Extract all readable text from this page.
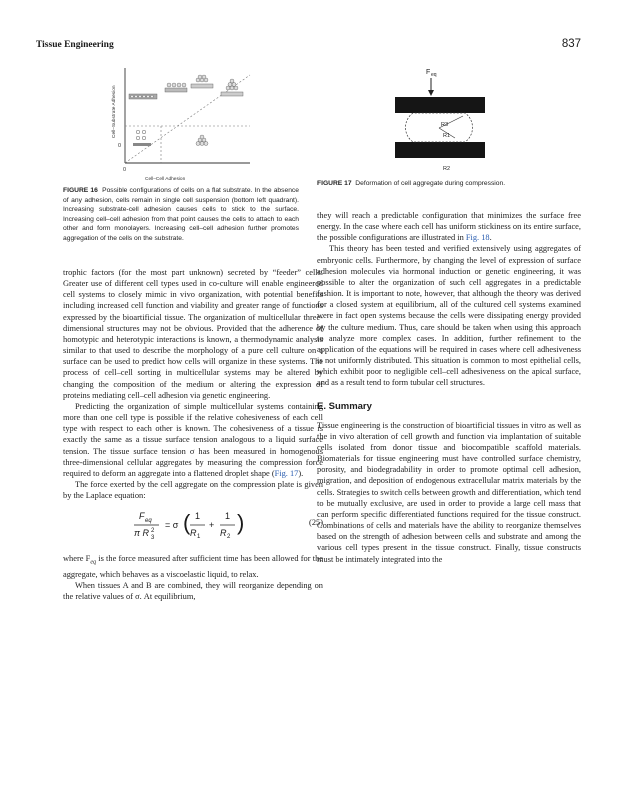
Tissue Engineering	837
Cell–Substrate Adhesion
0
0
Cell–Cell Adhesion
FIGURE 16 Possible configurations of cells on a flat substrate. In the absence of any adhesion, cells remain in single cell suspension (bottom left quadrant). Increasing substrate-cell adhesion causes cells to stick to the surface. Increasing cell–cell adhesion from that point causes the cells to attach to each other and form monolayers. Increasing cell–cell adhesion further promotes aggregation of the cells on the substrate.
F eq
R3
R1
R2
FIGURE 17 Deformation of cell aggregate during compression.

trophic factors (for the most part unknown) secreted by “feeder” cells. Greater use of different cell types used in co-culture will enable engineered cell systems to closely mimic in vivo organization, with potential benefits including increased cell function and viability and greater range of functions expressed by the bioartificial tissue. The organization of multicellular three-dimensional structures may not be obvious. Provided that the adherence of homotypic and heterotypic interactions is known, a thermodynamic analysis similar to that used to describe the morphology of a pure cell culture on a surface can be used to predict how cells will organize in these systems. The process of cell–cell sorting in multicellular systems may be altered by changing the composition of the medium or altering the expression of proteins mediating cell–cell adhesion via genetic engineering.

Predicting the organization of simple multicellular systems containing more than one cell type is possible if the relative cohesiveness of each cell type with respect to each other is known. The cohesiveness of a tissue is exactly the same as a tissue surface tension analogous to a liquid surface tension. The tissue surface tension σ has been measured in homogenous three-dimensional cellular aggregates by measuring the compression force required to deform an aggregate into a flattened droplet shape (Fig. 17).

The force exerted by the cell aggregate on the compression plate is given by the Laplace equation:

F eq
π R 2
3
= σ ( 1
R 1
+
1
R 2
)	(25)

where $F_{eq}$ is the force measured after sufficient time has been allowed for the aggregate, which behaves as a viscoelastic liquid, to relax.

When tissues A and B are combined, they will reorganize depending on the relative values of σ. At equilibrium,

they will reach a predictable configuration that minimizes the surface free energy. In the case where each cell has uniform stickiness on its entire surface, the possible configurations are illustrated in Fig. 18.

This theory has been tested and verified extensively using aggregates of embryonic cells. Furthermore, by changing the level of expression of surface adhesion molecules via hormonal induction or genetic engineering, it was possible to alter the organization of such cell aggregates in a predictable fashion. It is important to note, however, that although the theory was derived for a closed system at equilibrium, all of the cultured cell systems examined were in fact open systems because the cells were dissipating energy provided by the culture medium. Thus, care should be taken when using this approach to analyze more complex cases. In addition, further refinement to the application of the equations will be required in cases where cell adhesiveness is not uniformly distributed. This situation is common to most epithelial cells, which exhibit poor to negligible cell–cell adhesiveness on the apical surface, and as a result tend to form tubular cell structures.

E. Summary

Tissue engineering is the construction of bioartificial tissues in vitro as well as the in vivo alteration of cell growth and function via implantation of suitable cells isolated from donor tissue and biocompatible scaffold materials. Biomaterials for tissue engineering must have controlled surface chemistry, porosity, and biodegradability in order to promote optimal cell adhesion, migration, and deposition of endogenous extracellular matrix materials by the cells. Strategies to switch cells between growth and differentiation, which tend to be mutually exclusive, are used in order to provide a large cell mass that can perform specific differentiated functions required for the tissue construct. Combinations of cells and materials have the ability to reorganize themselves based on the strength of adhesion between cells and substrate and among the various cell types present in the tissue construct. Finally, tissue constructs must be intimately integrated into the
